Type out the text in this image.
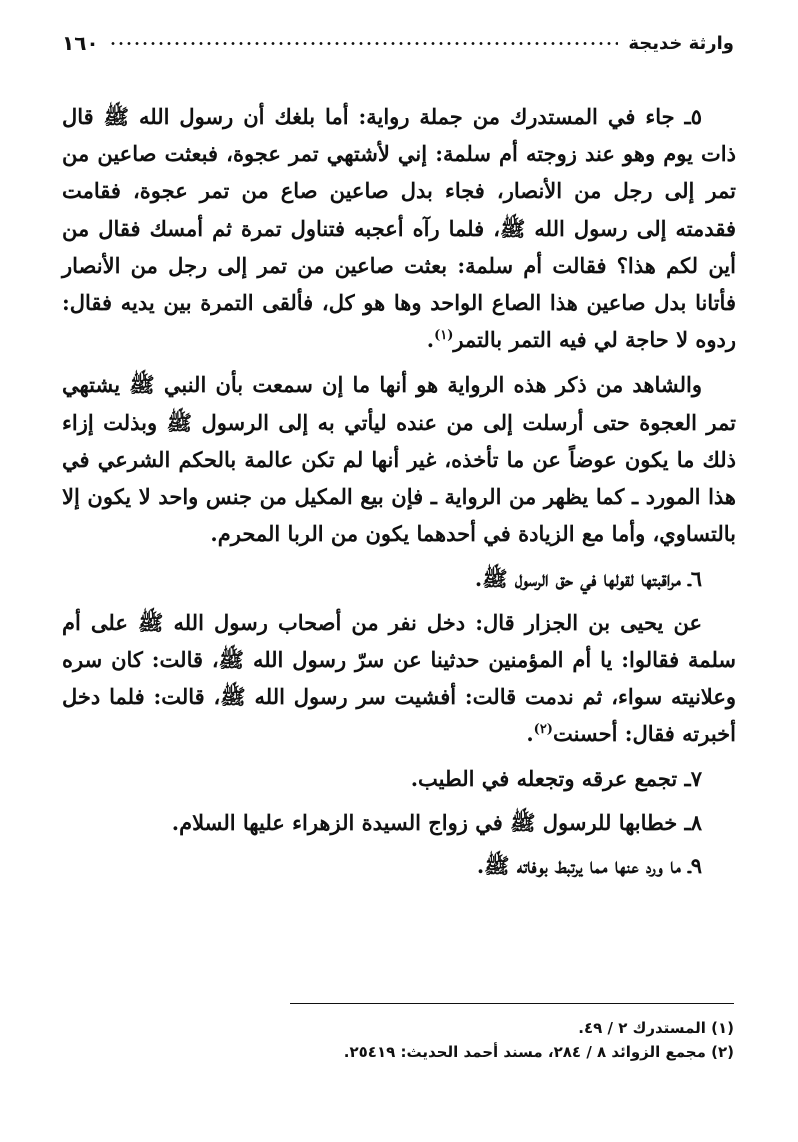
١٦٠	وارثة خديجة

٥ـ جاء في المستدرك من جملة رواية: أما بلغك أن رسول الله ﷺ قال ذات يوم وهو عند زوجته أم سلمة: إني لأشتهي تمر عجوة، فبعثت صاعين من تمر إلى رجل من الأنصار، فجاء بدل صاعين صاع من تمر عجوة، فقامت فقدمته إلى رسول الله ﷺ، فلما رآه أعجبه فتناول تمرة ثم أمسك فقال من أين لكم هذا؟ فقالت أم سلمة: بعثت صاعين من تمر إلى رجل من الأنصار فأتانا بدل صاعين هذا الصاع الواحد وها هو كل، فألقى التمرة بين يديه فقال: ردوه لا حاجة لي فيه التمر بالتمر$^{(١)}$.

والشاهد من ذكر هذه الرواية هو أنها ما إن سمعت بأن النبي ﷺ يشتهي تمر العجوة حتى أرسلت إلى من عنده ليأتي به إلى الرسول ﷺ وبذلت إزاء ذلك ما يكون عوضاً عن ما تأخذه، غير أنها لم تكن عالمة بالحكم الشرعي في هذا المورد ـ كما يظهر من الرواية ـ فإن بيع المكيل من جنس واحد لا يكون إلا بالتساوي، وأما مع الزيادة في أحدهما يكون من الربا المحرم.

٦ـ مراقبتها لقولها في حق الرسول ﷺ.

عن يحيى بن الجزار قال: دخل نفر من أصحاب رسول الله ﷺ على أم سلمة فقالوا: يا أم المؤمنين حدثينا عن سرّ رسول الله ﷺ، قالت: كان سره وعلانيته سواء، ثم ندمت قالت: أفشيت سر رسول الله ﷺ، قالت: فلما دخل أخبرته فقال: أحسنت$^{(٢)}$.

٧ـ تجمع عرقه وتجعله في الطيب.

٨ـ خطابها للرسول ﷺ في زواج السيدة الزهراء عليها السلام.

٩ـ ما ورد عنها مما يرتبط بوفاته ﷺ.

(١) المستدرك ٢ / ٤٩.
(٢) مجمع الزوائد ٨ / ٢٨٤، مسند أحمد الحديث: ٢٥٤١٩.
